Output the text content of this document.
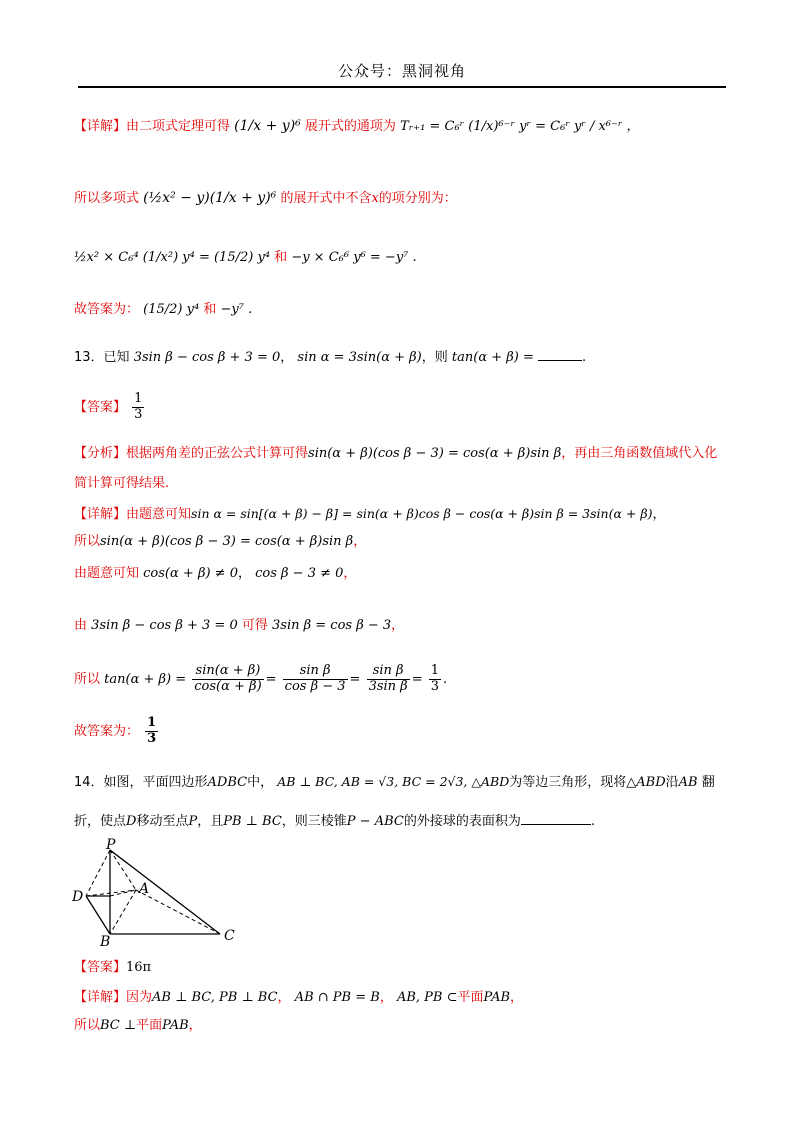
公众号：黑洞视角
【详解】由二项式定理可得 (1/x + y)⁶ 展开式的通项为 Tᵣ₊₁ = C₆ʳ (1/x)⁶⁻ʳ yʳ = C₆ʳ yʳ / x⁶⁻ʳ ，
所以多项式 (½x² − y)(1/x + y)⁶ 的展开式中不含x的项分别为：
½x² × C₆⁴ (1/x²) y⁴ = (15/2) y⁴ 和 −y × C₆⁶ y⁶ = −y⁷ .
故答案为： (15/2) y⁴ 和 −y⁷ .
13．已知 3sin β − cos β + 3 = 0， sin α = 3sin(α + β)，则 tan(α + β) =	.
【答案】 $\frac{1}{3}$
【分析】根据两角差的正弦公式计算可得sin(α + β)(cos β − 3) = cos(α + β)sin β，再由三角函数值域代入化
简计算可得结果.
【详解】由题意可知sin α = sin[(α + β) − β] = sin(α + β)cos β − cos(α + β)sin β = 3sin(α + β)，
所以sin(α + β)(cos β − 3) = cos(α + β)sin β，
由题意可知 cos(α + β) ≠ 0， cos β − 3 ≠ 0，
由 3sin β − cos β + 3 = 0 可得 3sin β = cos β − 3，
所以 $\tan(\alpha + \beta) = \frac{\sin(\alpha + \beta)}{\cos(\alpha + \beta)} = \frac{\text{sin β}}{\text{cos β − 3}} = \frac{\text{sin β}}{\text{3sin β}} = \frac{1}{3}$ .
故答案为： $\frac{1}{3}$
14．如图，平面四边形ADBC中， AB ⊥ BC, AB = √3, BC = 2√3, △ABD为等边三角形，现将△ABD沿AB 翻
折，使点D移动至点P，且PB ⊥ BC，则三棱锥P − ABC的外接球的表面积为	.
P
A
D
B	C
【答案】16π
【详解】因为AB ⊥ BC, PB ⊥ BC， AB ∩ PB = B， AB, PB ⊂平面PAB，
所以BC ⊥平面PAB，
